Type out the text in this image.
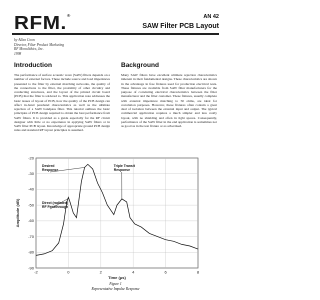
RFM.®	AN 42
SAW Filter PCB Layout
by Allan Coon
Director, Filter Product Marketing
RF Monolithics, Inc.
1998
Introduction
The performance of surface acoustic wave (SAW) filters depends on a number of external factors. These include source and load impedances presented to the filter by external matching networks, the quality of the connections to the filter, the proximity of other circuitry and conducting structures, and the layout of the printed circuit board (PCB) that the filter is soldered to. This application note addresses the basic issues of layout of PCB, how the quality of the PCB design can affect in-band passband characteristics as well as the ultimate rejection of a SAW bandpass filter. This tutorial outlines the basic principles of PCB design required to obtain the best performance from SAW filters. It is provided as a guide especially for the RF circuit designer with little or no experience in applying SAW filters or in SAW filter PCB layout. Knowledge of appropriate ground PCB design rules and standard RF layout principles is assumed.
Background
Many SAW filters have excellent ultimate rejection characteristics inherent in their fundamental designs. These characteristics are shown in the advantage in free fixtures used for production electrical tests. These fixtures are available from SAW filter manufacturers for the purpose of correlating electrical characteristics between the filter manufacturer and the filter customer. These fixtures, usually complete with external impedance matching to 50 ohms, are ideal for correlation purposes. However, these fixtures often contain a great deal of isolation between the external input and output. The typical commercial application requires a much simpler and less costly layout, with no shielding and often in tight spaces. Consequently, performance of the SAW filter in the end application is sometimes not as good as in the test fixture or as advertised.
-20
-30
-40
-50
-60
-70
-80
-90
-2	0	2	4	6	8
Amplitude (dB)
Time (μs)
Desired Response
Triple Transit Response
Direct (radiated) RF Feedthrough
Figure 1
Representative Impulse Response
